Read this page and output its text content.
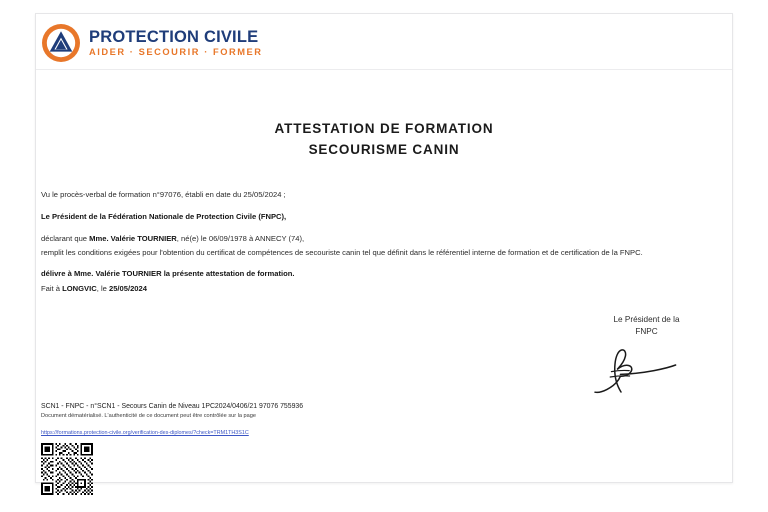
PROTECTION CIVILE
AIDER · SECOURIR · FORMER
ATTESTATION DE FORMATION
SECOURISME CANIN
Vu le procès-verbal de formation n°97076, établi en date du 25/05/2024 ;
Le Président de la Fédération Nationale de Protection Civile (FNPC),
déclarant que Mme. Valérie TOURNIER, né(e) le 06/09/1978 à ANNECY (74),
remplit les conditions exigées pour l'obtention du certificat de compétences de secouriste canin tel que définit dans le référentiel interne de formation et de certification de la FNPC.
délivre à Mme. Valérie TOURNIER la présente attestation de formation.
Fait à LONGVIC, le 25/05/2024
Le Président de la
FNPC
SCN1 - FNPC - n°SCN1 - Secours Canin de Niveau 1PC2024/0406/21 97076 755936
Document dématérialisé. L'authenticité de ce document peut être contrôlée sur la page
https://formations.protection-civile.org/verification-des-diplomes/?check=TRM1TH3S1C
